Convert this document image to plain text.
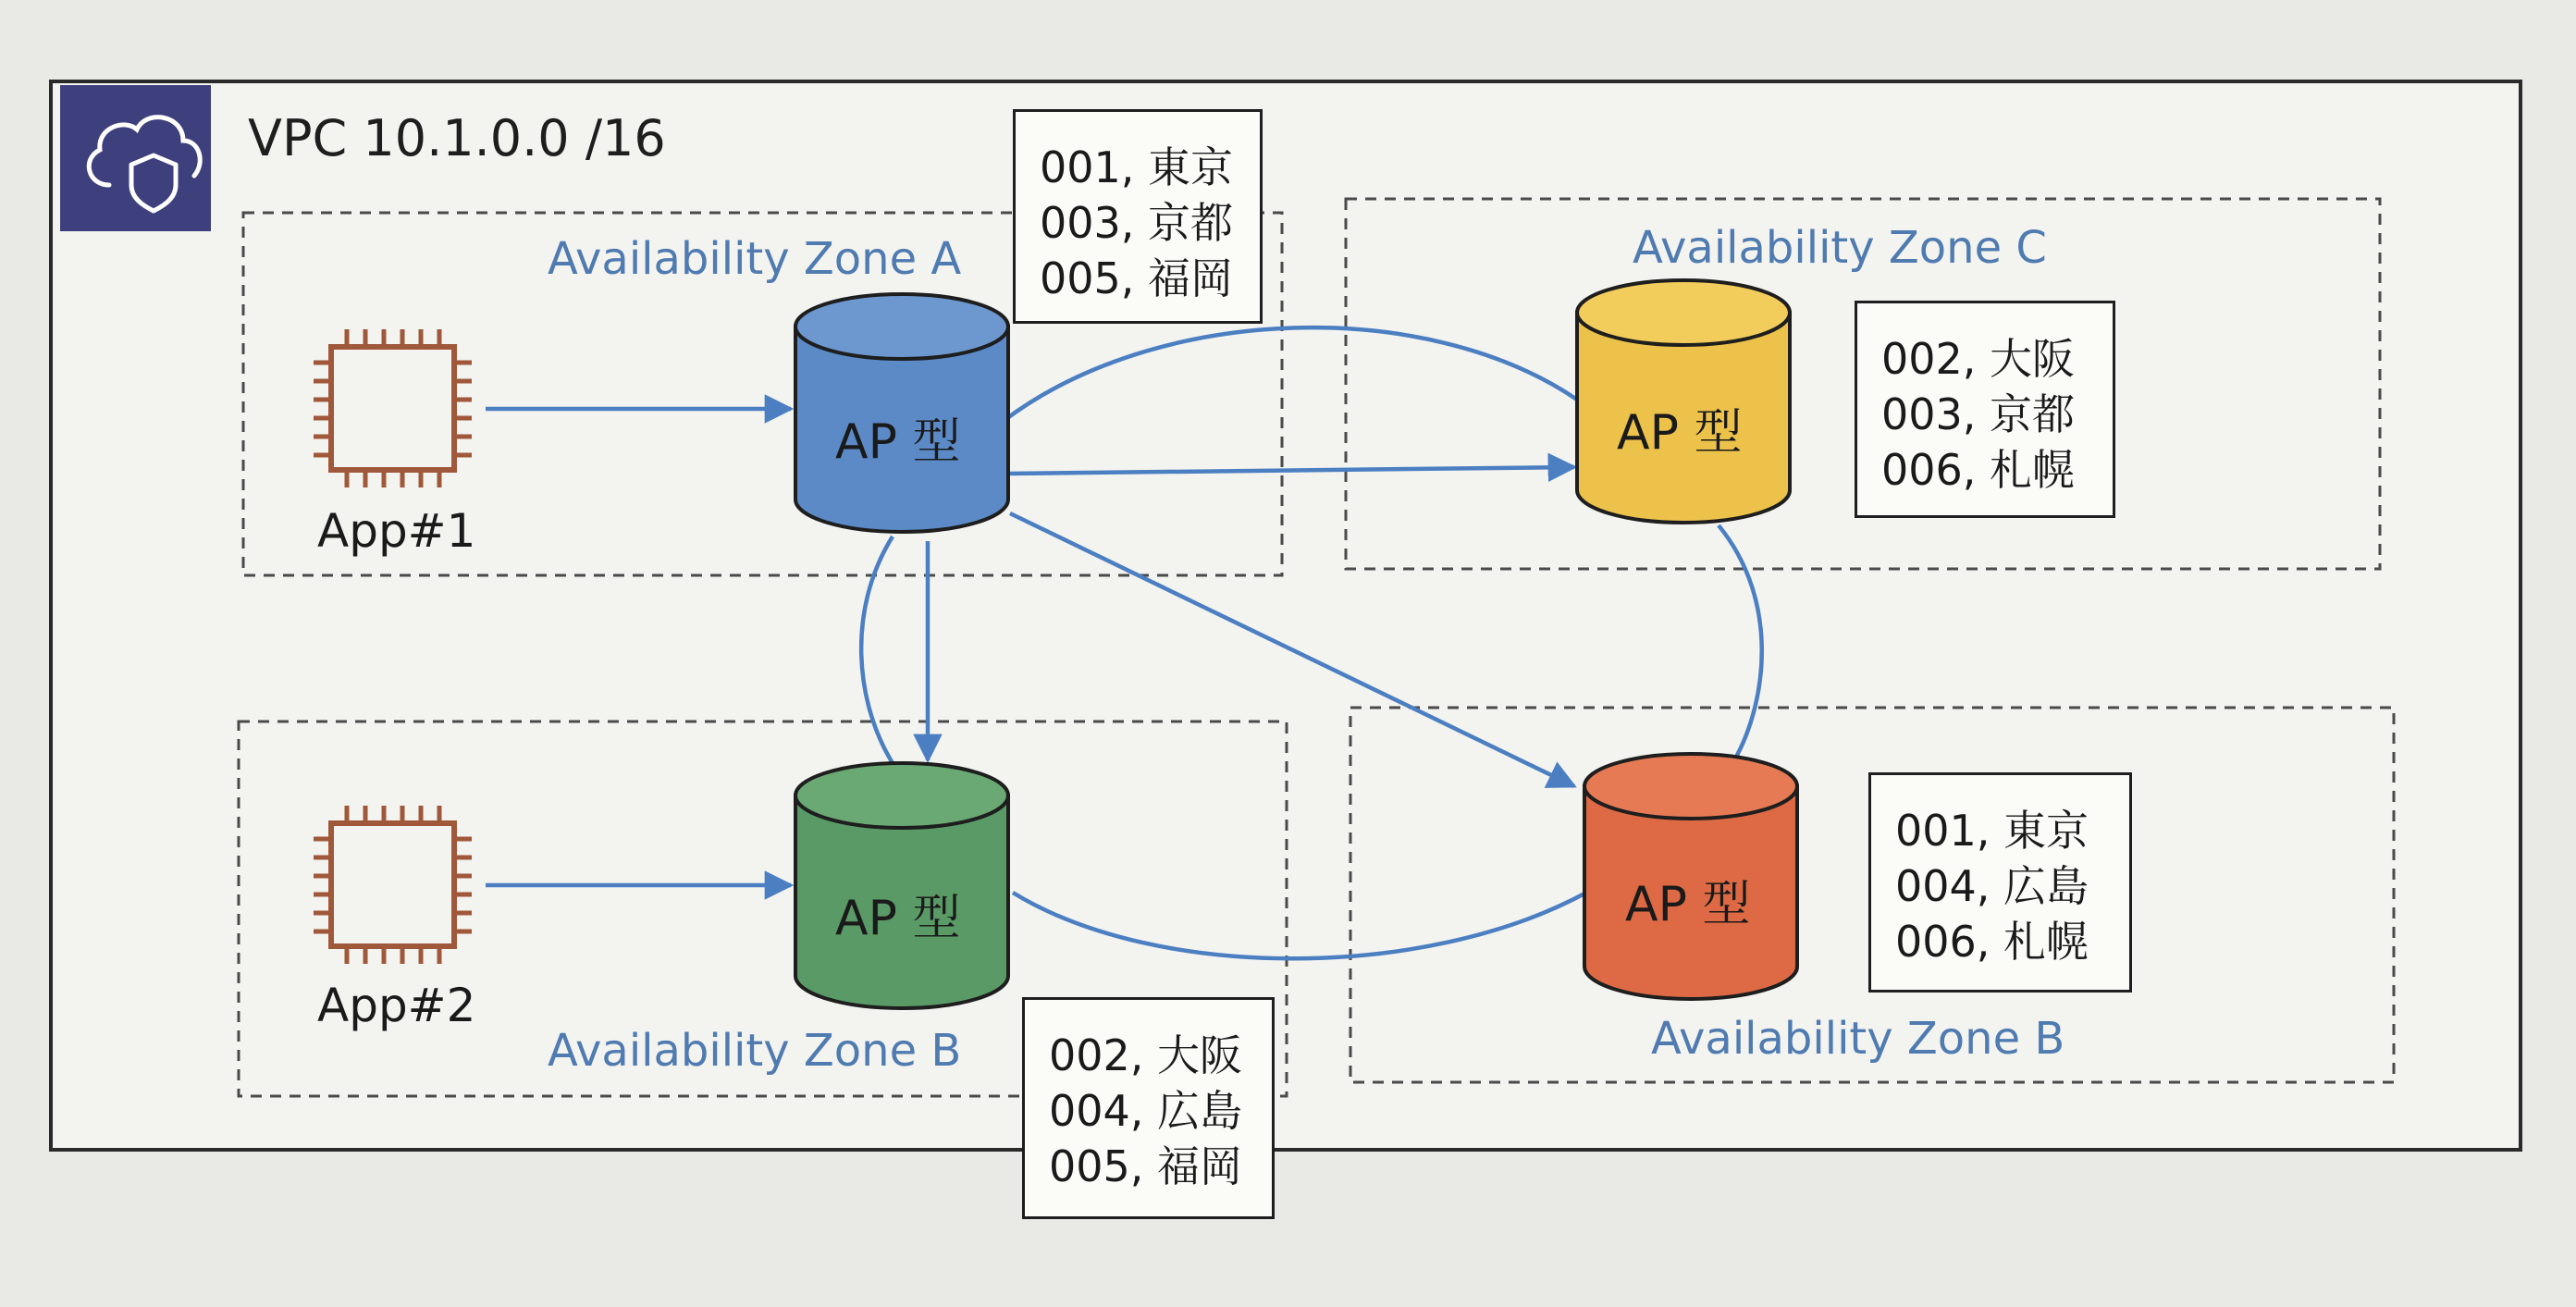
VPC 10.1.0.0 /16
Availability Zone A	Availability Zone C
Availability Zone B	Availability Zone B
AP 型	AP 型
AP 型	AP 型
App#1
App#2
001, 東京
003, 京都
005, 福岡
002, 大阪
003, 京都
006, 札幌
002, 大阪
004, 広島
005, 福岡
001, 東京
004, 広島
006, 札幌
